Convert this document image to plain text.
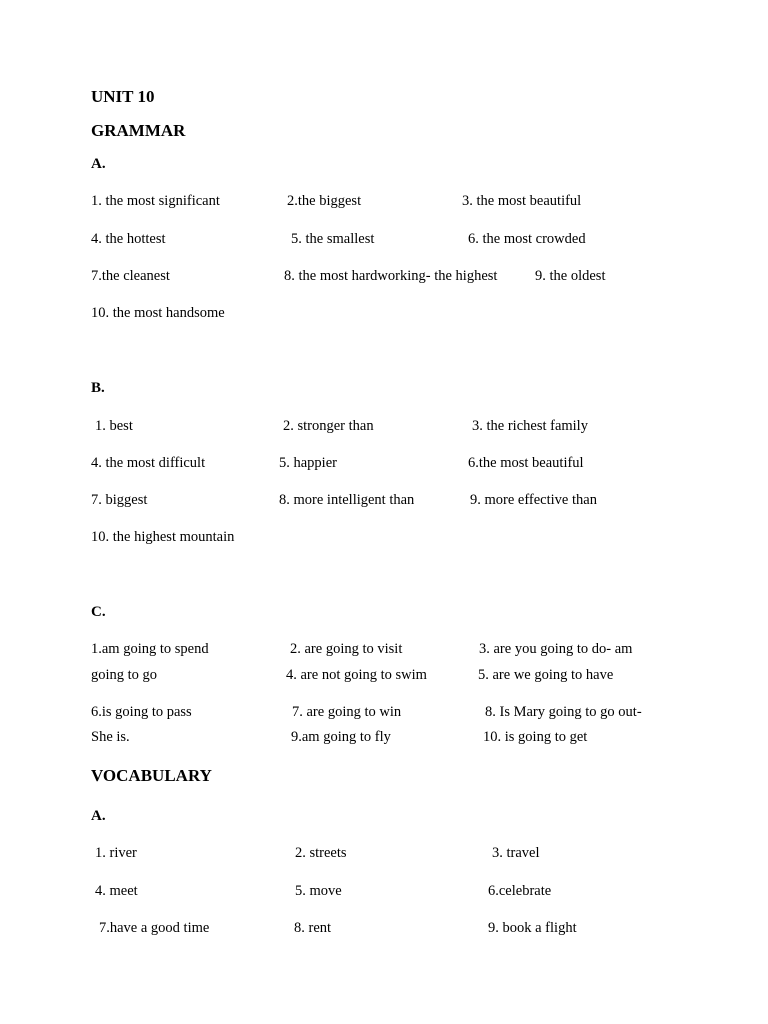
UNIT 10
GRAMMAR
A.
1. the most significant	2.the biggest	3. the most beautiful
4. the hottest	5. the smallest	6. the most crowded
7.the cleanest	8. the most hardworking- the highest	9. the oldest
10. the most handsome
B.
1. best	2. stronger than	3. the richest family
4. the most difficult	5. happier	6.the most beautiful
7. biggest	8. more intelligent than	9. more effective than
10. the highest mountain
C.
1.am going to spend	2. are going to visit	3. are you going to do- am
going to go	4. are not going to swim	5. are we going to have
6.is going to pass	7. are going to win	8. Is Mary going to go out-
She is.	9.am going to fly	10. is going to get
VOCABULARY
A.
1. river	2. streets	3. travel
4. meet	5. move	6.celebrate
7.have a good time	8. rent	9. book a flight
